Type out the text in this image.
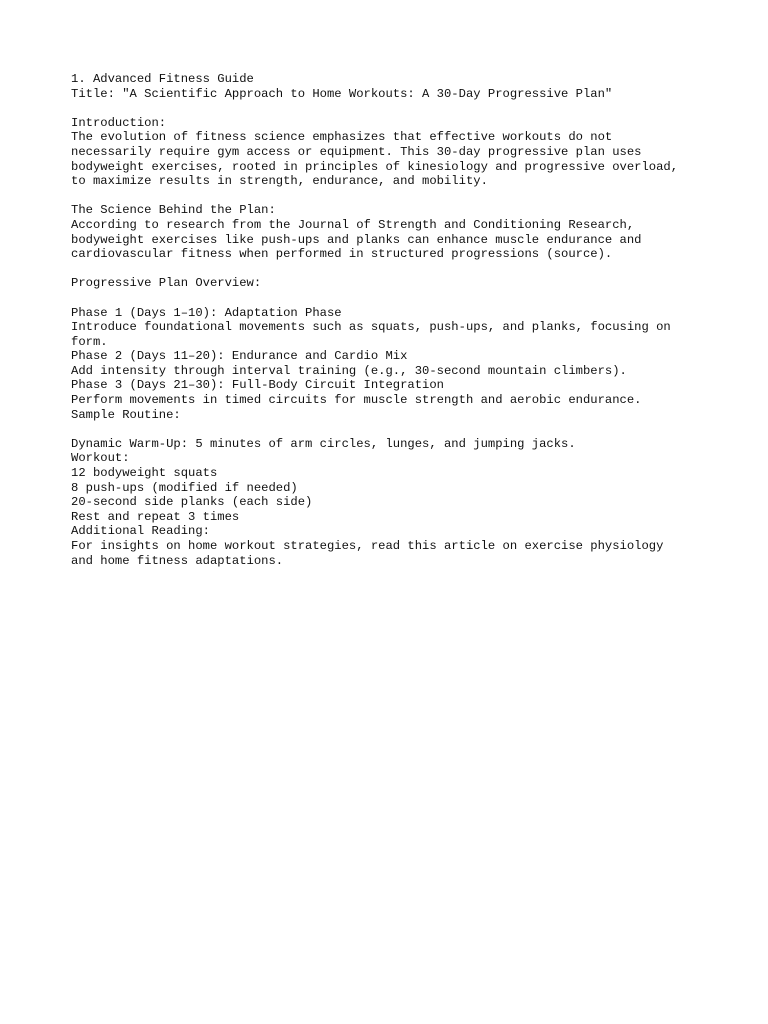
1. Advanced Fitness Guide
Title: "A Scientific Approach to Home Workouts: A 30-Day Progressive Plan"
Introduction:
The evolution of fitness science emphasizes that effective workouts do not
necessarily require gym access or equipment. This 30-day progressive plan uses
bodyweight exercises, rooted in principles of kinesiology and progressive overload,
to maximize results in strength, endurance, and mobility.
The Science Behind the Plan:
According to research from the Journal of Strength and Conditioning Research,
bodyweight exercises like push-ups and planks can enhance muscle endurance and
cardiovascular fitness when performed in structured progressions (source).
Progressive Plan Overview:
Phase 1 (Days 1–10): Adaptation Phase
Introduce foundational movements such as squats, push-ups, and planks, focusing on
form.
Phase 2 (Days 11–20): Endurance and Cardio Mix
Add intensity through interval training (e.g., 30-second mountain climbers).
Phase 3 (Days 21–30): Full-Body Circuit Integration
Perform movements in timed circuits for muscle strength and aerobic endurance.
Sample Routine:
Dynamic Warm-Up: 5 minutes of arm circles, lunges, and jumping jacks.
Workout:
12 bodyweight squats
8 push-ups (modified if needed)
20-second side planks (each side)
Rest and repeat 3 times
Additional Reading:
For insights on home workout strategies, read this article on exercise physiology
and home fitness adaptations.
